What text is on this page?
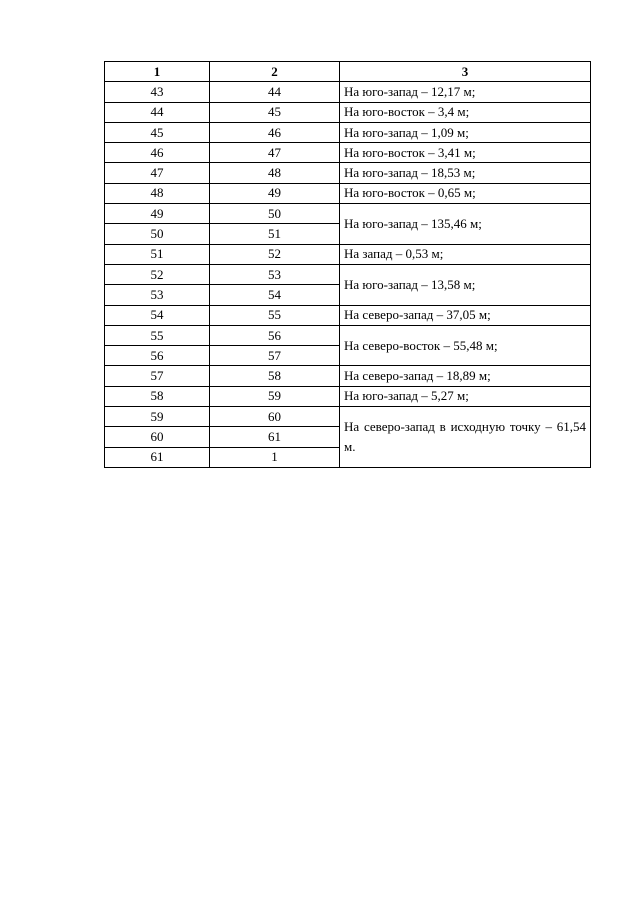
1	2	3
43	44	На юго-запад – 12,17 м;
44	45	На юго-восток – 3,4 м;
45	46	На юго-запад – 1,09 м;
46	47	На юго-восток – 3,41 м;
47	48	На юго-запад – 18,53 м;
48	49	На юго-восток – 0,65 м;
49	50	На юго-запад – 135,46 м;
50	51	
51	52	На запад – 0,53 м;
52	53	На юго-запад – 13,58 м;
53	54	
54	55	На северо-запад – 37,05 м;
55	56	На северо-восток – 55,48 м;
56	57	
57	58	На северо-запад – 18,89 м;
58	59	На юго-запад – 5,27 м;
59	60	На северо-запад в исходную точку – 61,54 м.
60	61	
61	1	
